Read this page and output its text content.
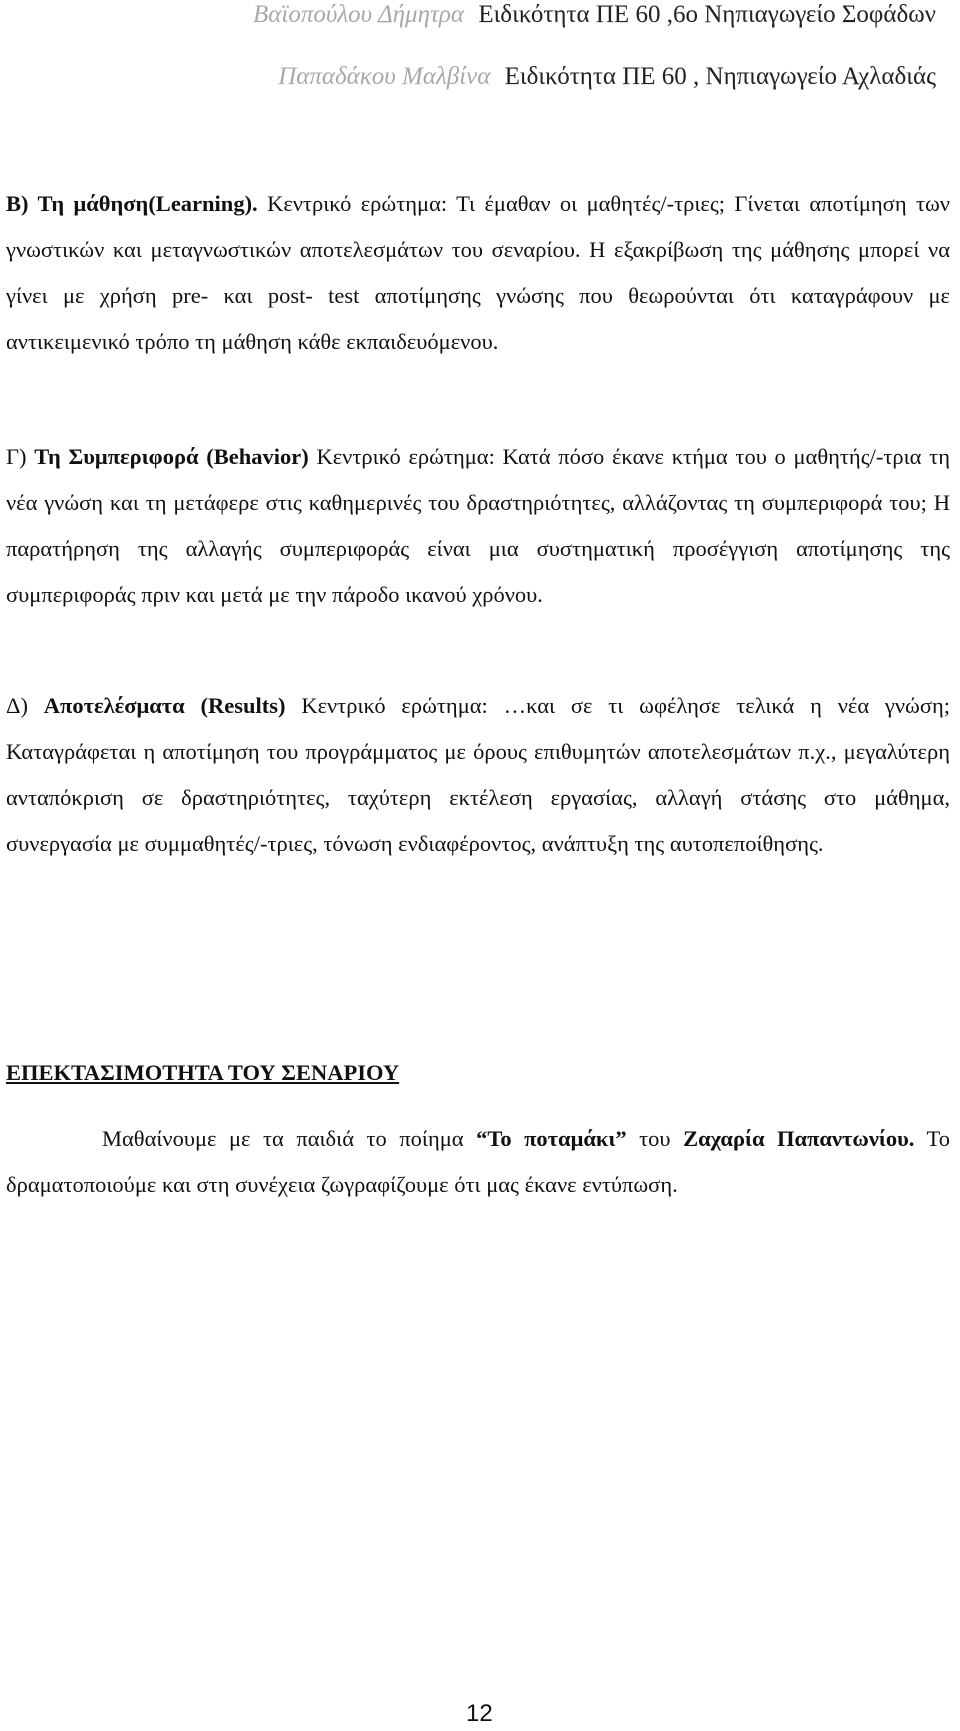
Βαϊοπούλου Δήμητρα Ειδικότητα ΠΕ 60 ,6ο Νηπιαγωγείο Σοφάδων
Παπαδάκου Μαλβίνα Ειδικότητα ΠΕ 60 , Νηπιαγωγείο Αχλαδιάς

Β) Τη μάθηση(Learning). Κεντρικό ερώτημα: Τι έμαθαν οι μαθητές/-τριες; Γίνεται αποτίμηση των γνωστικών και μεταγνωστικών αποτελεσμάτων του σεναρίου. Η εξακρίβωση της μάθησης μπορεί να γίνει με χρήση pre- και post- test αποτίμησης γνώσης που θεωρούνται ότι καταγράφουν με αντικειμενικό τρόπο τη μάθηση κάθε εκπαιδευόμενου.

Γ) Τη Συμπεριφορά (Behavior) Κεντρικό ερώτημα: Κατά πόσο έκανε κτήμα του ο μαθητής/-τρια τη νέα γνώση και τη μετάφερε στις καθημερινές του δραστηριότητες, αλλάζοντας τη συμπεριφορά του; Η παρατήρηση της αλλαγής συμπεριφοράς είναι μια συστηματική προσέγγιση αποτίμησης της συμπεριφοράς πριν και μετά με την πάροδο ικανού χρόνου.

Δ) Αποτελέσματα (Results) Κεντρικό ερώτημα: …και σε τι ωφέλησε τελικά η νέα γνώση; Καταγράφεται η αποτίμηση του προγράμματος με όρους επιθυμητών αποτελεσμάτων π.χ., μεγαλύτερη ανταπόκριση σε δραστηριότητες, ταχύτερη εκτέλεση εργασίας, αλλαγή στάσης στο μάθημα, συνεργασία με συμμαθητές/-τριες, τόνωση ενδιαφέροντος, ανάπτυξη της αυτοπεποίθησης.

ΕΠΕΚΤΑΣΙΜΟΤΗΤΑ ΤΟΥ ΣΕΝΑΡΙΟΥ

Μαθαίνουμε με τα παιδιά το ποίημα “Το ποταμάκι” του Ζαχαρία Παπαντωνίου. Το δραματοποιούμε και στη συνέχεια ζωγραφίζουμε ότι μας έκανε εντύπωση.

12
